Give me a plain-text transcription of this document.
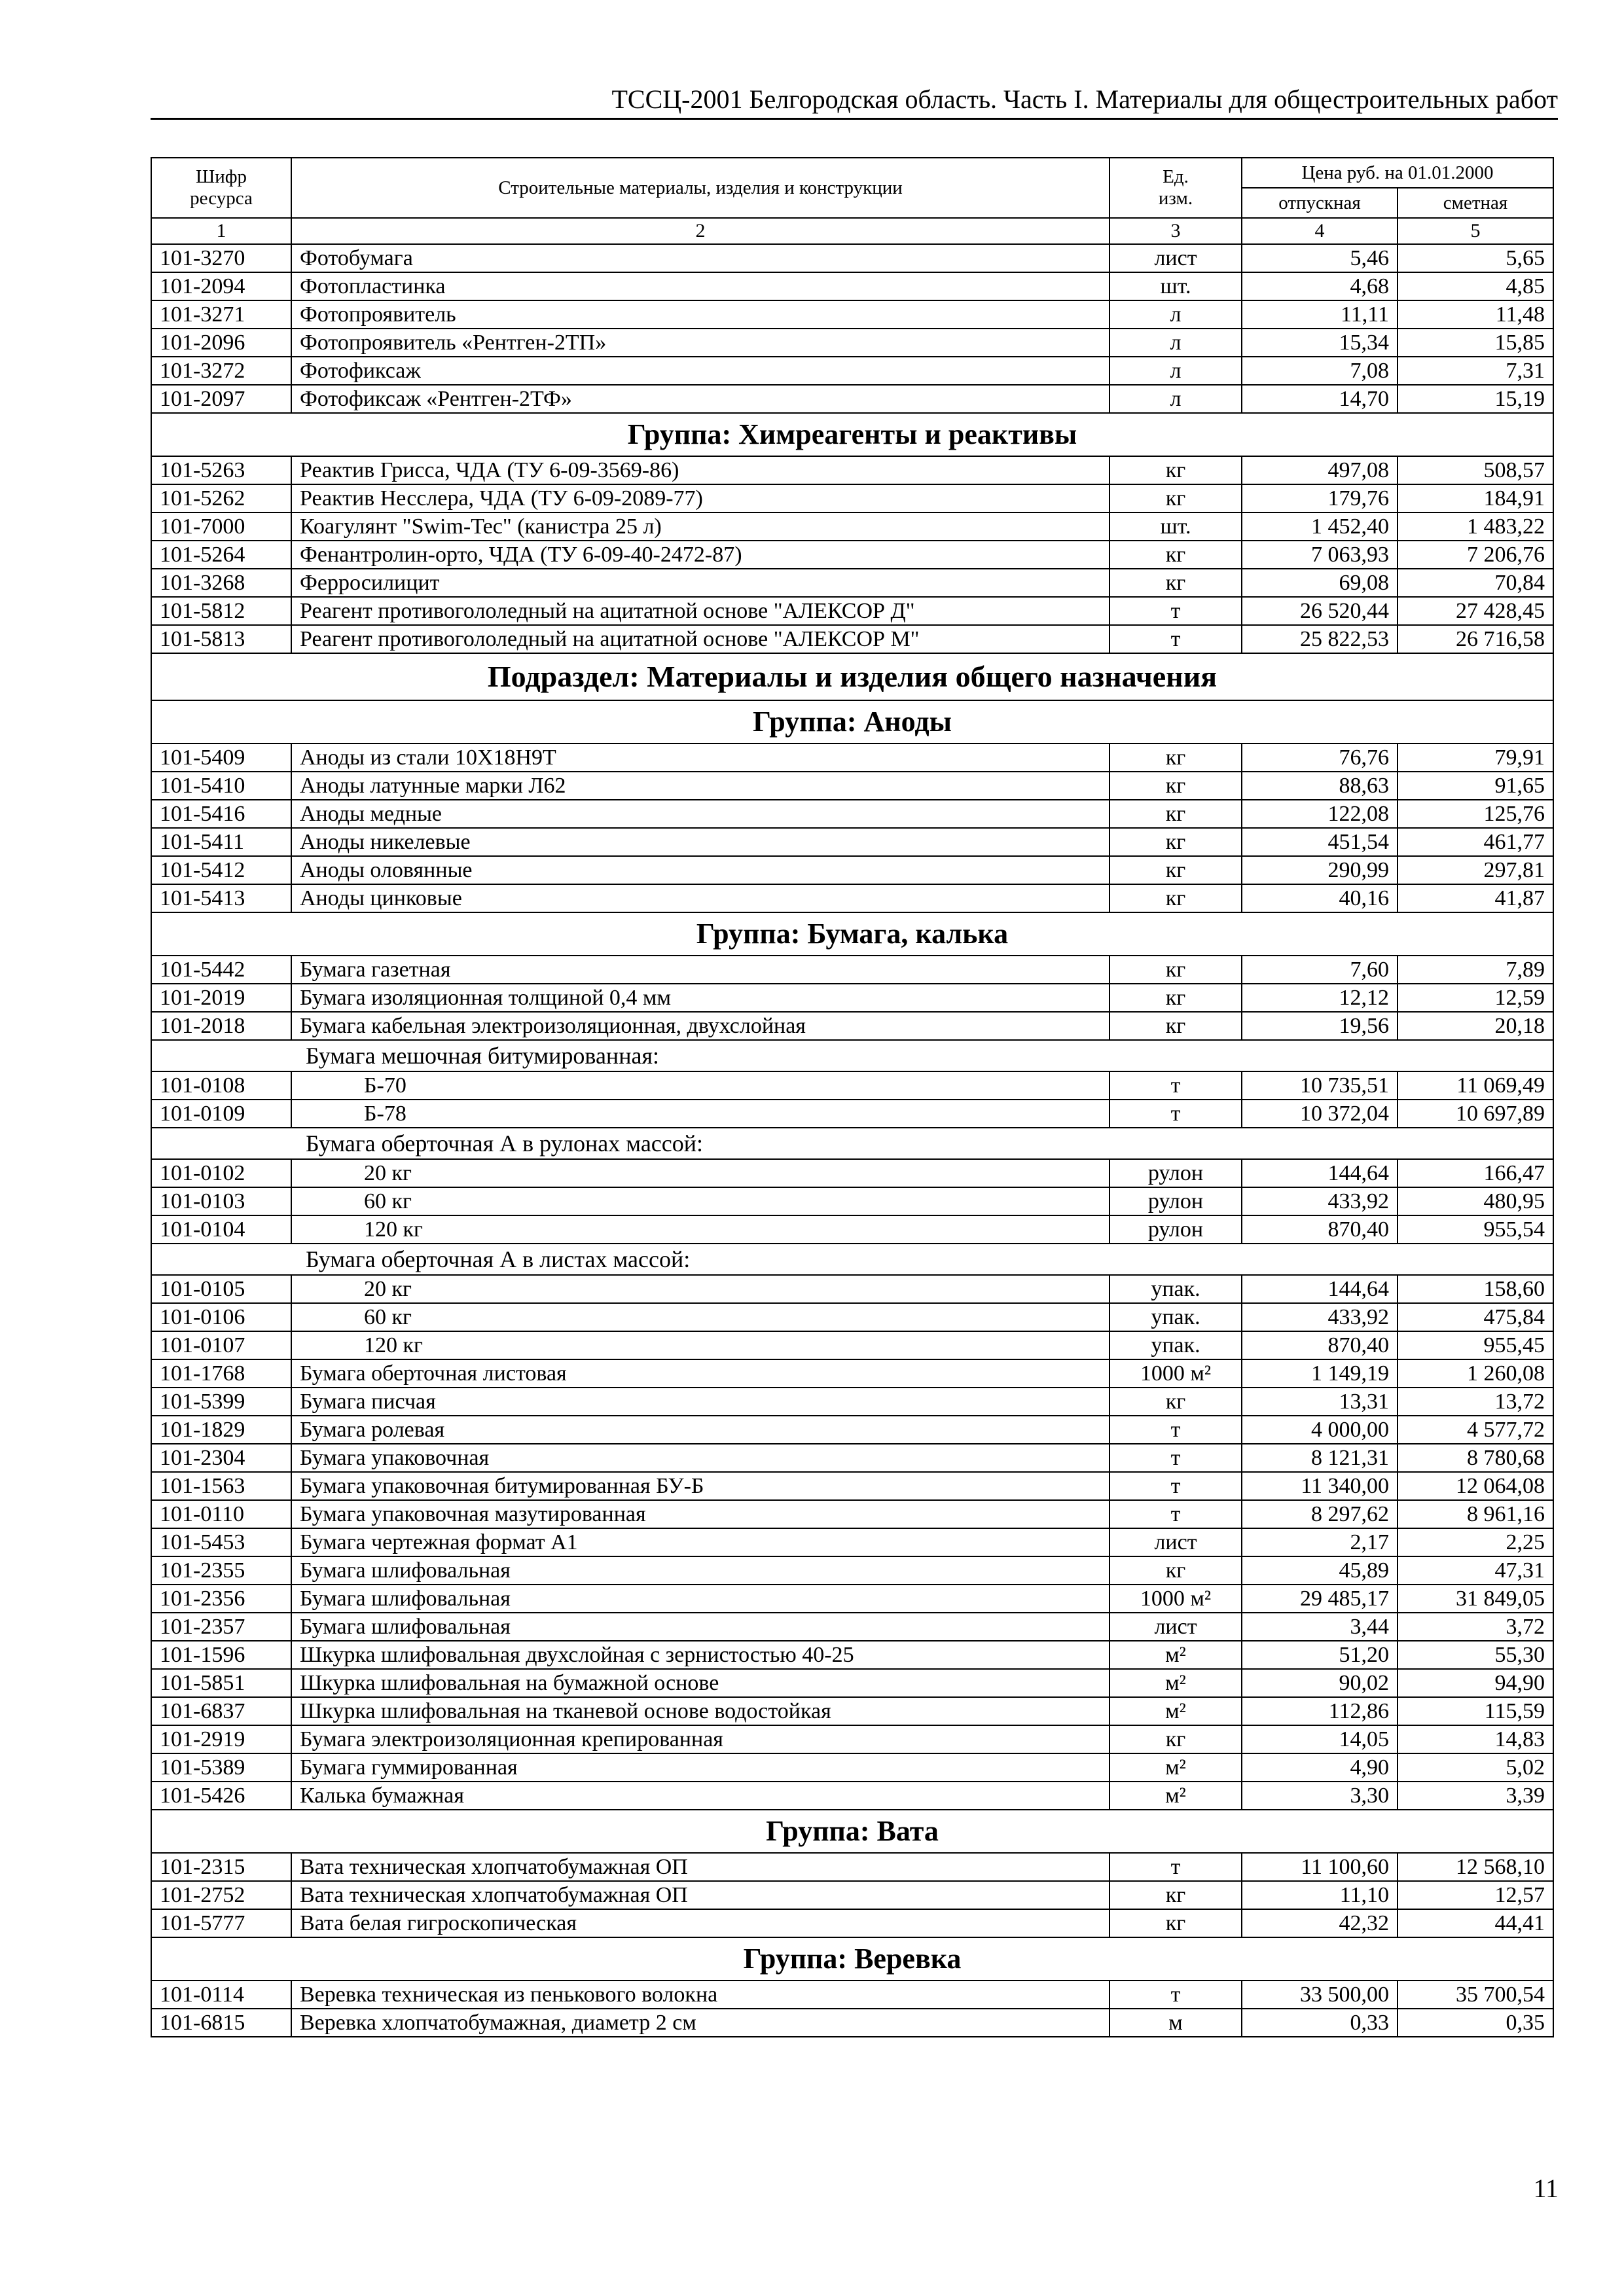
ТССЦ-2001 Белгородская область. Часть I. Материалы для общестроительных работ
Шифр
ресурса	Строительные материалы, изделия и конструкции	Ед.
изм.	Цена руб. на 01.01.2000	
			отпускная	сметная
1	2	3	4	5
101-3270	Фотобумага	лист	5,46	5,65
101-2094	Фотопластинка	шт.	4,68	4,85
101-3271	Фотопроявитель	л	11,11	11,48
101-2096	Фотопроявитель «Рентген-2ТП»	л	15,34	15,85
101-3272	Фотофиксаж	л	7,08	7,31
101-2097	Фотофиксаж «Рентген-2ТФ»	л	14,70	15,19
Группа: Химреагенты и реактивы				
101-5263	Реактив Грисса, ЧДА (ТУ 6-09-3569-86)	кг	497,08	508,57
101-5262	Реактив Несслера, ЧДА (ТУ 6-09-2089-77)	кг	179,76	184,91
101-7000	Коагулянт "Swim-Tec" (канистра 25 л)	шт.	1 452,40	1 483,22
101-5264	Фенантролин-орто, ЧДА (ТУ 6-09-40-2472-87)	кг	7 063,93	7 206,76
101-3268	Ферросилицит	кг	69,08	70,84
101-5812	Реагент противогололедный на ацитатной основе "АЛЕКСОР Д"	т	26 520,44	27 428,45
101-5813	Реагент противогололедный на ацитатной основе "АЛЕКСОР М"	т	25 822,53	26 716,58
Подраздел: Материалы и изделия общего назначения				
Группа: Аноды				
101-5409	Аноды из стали 10Х18Н9Т	кг	76,76	79,91
101-5410	Аноды латунные марки Л62	кг	88,63	91,65
101-5416	Аноды медные	кг	122,08	125,76
101-5411	Аноды никелевые	кг	451,54	461,77
101-5412	Аноды оловянные	кг	290,99	297,81
101-5413	Аноды цинковые	кг	40,16	41,87
Группа: Бумага, калька				
101-5442	Бумага газетная	кг	7,60	7,89
101-2019	Бумага изоляционная толщиной 0,4 мм	кг	12,12	12,59
101-2018	Бумага кабельная электроизоляционная, двухслойная	кг	19,56	20,18
Бумага мешочная битумированная:				
101-0108	Б-70	т	10 735,51	11 069,49
101-0109	Б-78	т	10 372,04	10 697,89
Бумага оберточная А в рулонах массой:				
101-0102	20 кг	рулон	144,64	166,47
101-0103	60 кг	рулон	433,92	480,95
101-0104	120 кг	рулон	870,40	955,54
Бумага оберточная А в листах массой:				
101-0105	20 кг	упак.	144,64	158,60
101-0106	60 кг	упак.	433,92	475,84
101-0107	120 кг	упак.	870,40	955,45
101-1768	Бумага оберточная листовая	1000 м²	1 149,19	1 260,08
101-5399	Бумага писчая	кг	13,31	13,72
101-1829	Бумага ролевая	т	4 000,00	4 577,72
101-2304	Бумага упаковочная	т	8 121,31	8 780,68
101-1563	Бумага упаковочная битумированная БУ-Б	т	11 340,00	12 064,08
101-0110	Бумага упаковочная мазутированная	т	8 297,62	8 961,16
101-5453	Бумага чертежная формат А1	лист	2,17	2,25
101-2355	Бумага шлифовальная	кг	45,89	47,31
101-2356	Бумага шлифовальная	1000 м²	29 485,17	31 849,05
101-2357	Бумага шлифовальная	лист	3,44	3,72
101-1596	Шкурка шлифовальная двухслойная с зернистостью 40-25	м²	51,20	55,30
101-5851	Шкурка шлифовальная на бумажной основе	м²	90,02	94,90
101-6837	Шкурка шлифовальная на тканевой основе водостойкая	м²	112,86	115,59
101-2919	Бумага электроизоляционная крепированная	кг	14,05	14,83
101-5389	Бумага гуммированная	м²	4,90	5,02
101-5426	Калька бумажная	м²	3,30	3,39
Группа: Вата				
101-2315	Вата техническая хлопчатобумажная ОП	т	11 100,60	12 568,10
101-2752	Вата техническая хлопчатобумажная ОП	кг	11,10	12,57
101-5777	Вата белая гигроскопическая	кг	42,32	44,41
Группа: Веревка				
101-0114	Веревка техническая из пенькового волокна	т	33 500,00	35 700,54
101-6815	Веревка хлопчатобумажная, диаметр 2 см	м	0,33	0,35
11
